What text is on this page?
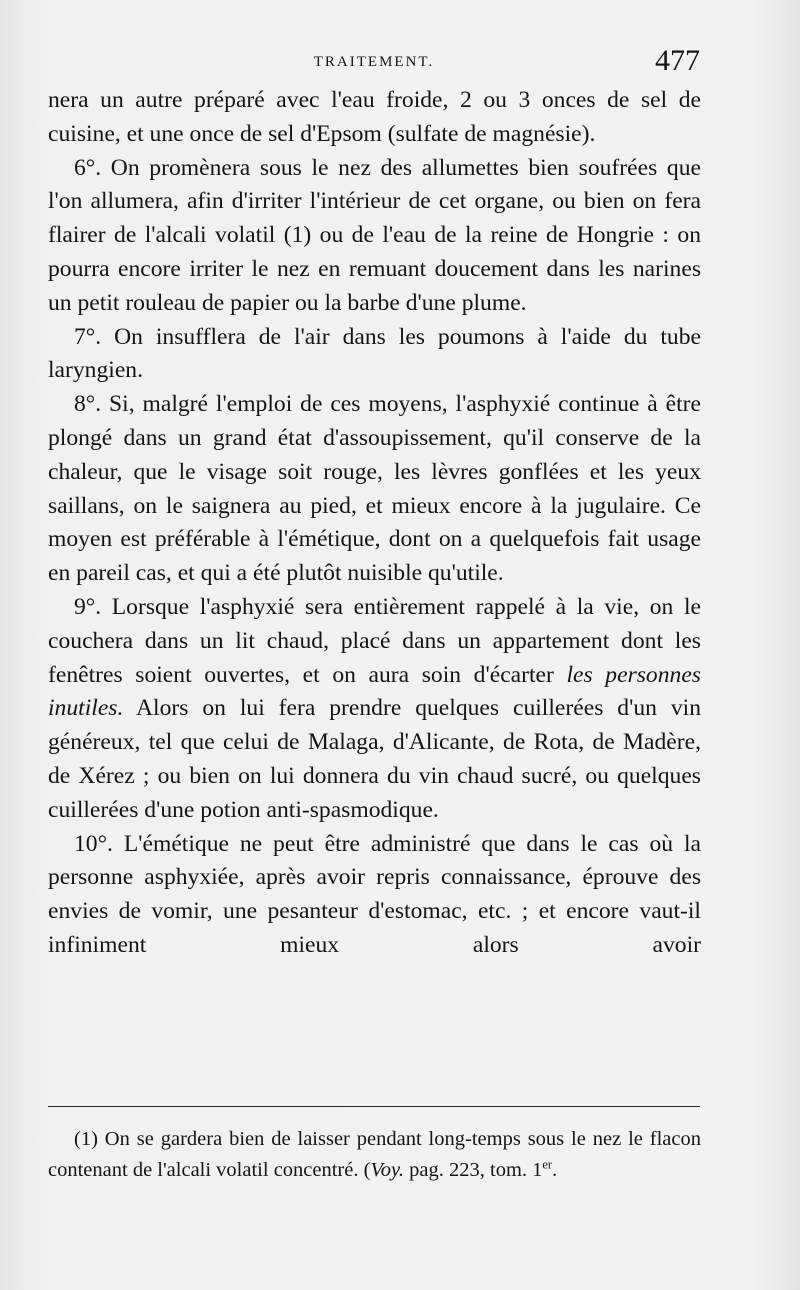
TRAITEMENT.	477

nera un autre préparé avec l'eau froide, 2 ou 3 onces de sel de cuisine, et une once de sel d'Epsom (sulfate de magnésie).

6°. On promènera sous le nez des allumettes bien soufrées que l'on allumera, afin d'irriter l'intérieur de cet organe, ou bien on fera flairer de l'alcali volatil (1) ou de l'eau de la reine de Hongrie : on pourra encore irriter le nez en remuant doucement dans les narines un petit rouleau de papier ou la barbe d'une plume.

7°. On insufflera de l'air dans les poumons à l'aide du tube laryngien.

8°. Si, malgré l'emploi de ces moyens, l'asphyxié continue à être plongé dans un grand état d'assoupissement, qu'il conserve de la chaleur, que le visage soit rouge, les lèvres gonflées et les yeux saillans, on le saignera au pied, et mieux encore à la jugulaire. Ce moyen est préférable à l'émétique, dont on a quelquefois fait usage en pareil cas, et qui a été plutôt nuisible qu'utile.

9°. Lorsque l'asphyxié sera entièrement rappelé à la vie, on le couchera dans un lit chaud, placé dans un appartement dont les fenêtres soient ouvertes, et on aura soin d'écarter les personnes inutiles. Alors on lui fera prendre quelques cuillerées d'un vin généreux, tel que celui de Malaga, d'Alicante, de Rota, de Madère, de Xérez ; ou bien on lui donnera du vin chaud sucré, ou quelques cuillerées d'une potion anti-spasmodique.

10°. L'émétique ne peut être administré que dans le cas où la personne asphyxiée, après avoir repris connaissance, éprouve des envies de vomir, une pesanteur d'estomac, etc. ; et encore vaut-il infiniment mieux alors avoir

(1) On se gardera bien de laisser pendant long-temps sous le nez le flacon contenant de l'alcali volatil concentré. (Voy. pag. 223, tom. 1er.
